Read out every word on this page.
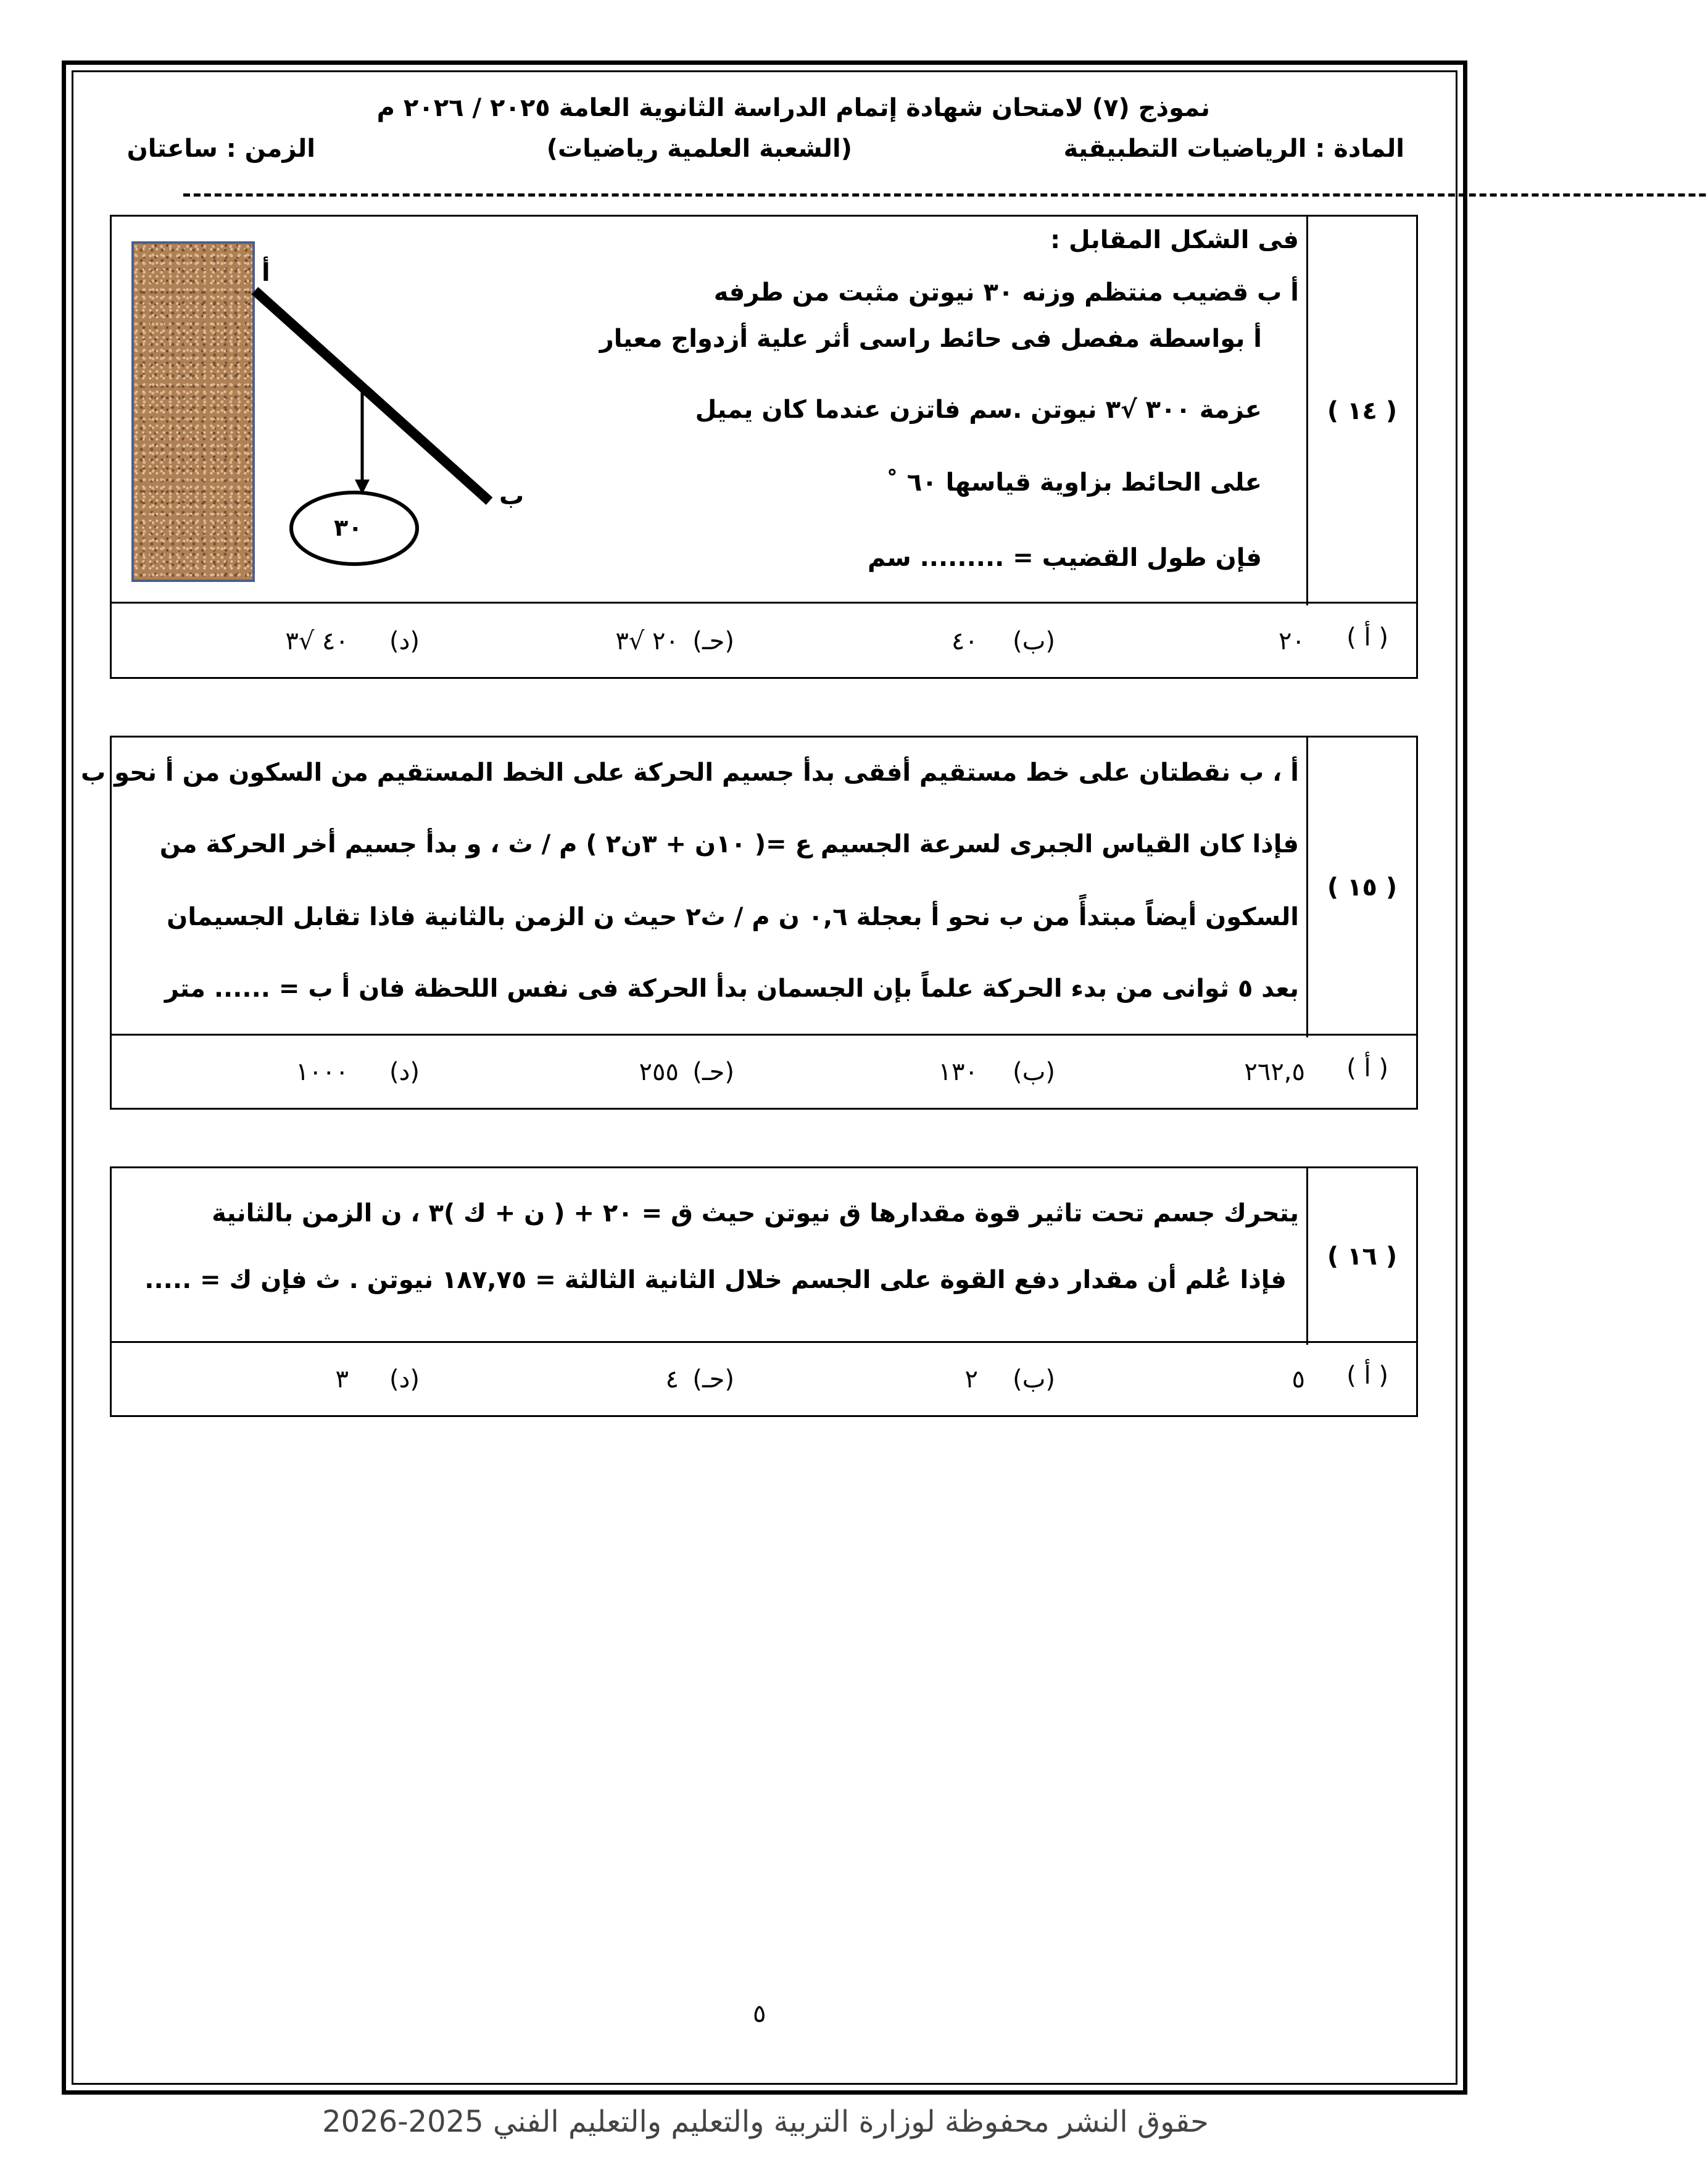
نموذج (٧) لامتحان شهادة إتمام الدراسة الثانوية العامة ٢٠٢٥ / ٢٠٢٦ م
المادة : الرياضيات التطبيقية
(الشعبة العلمية رياضيات)
الزمن : ساعتان
--------------------------------------------------------------------------------------------------------------------------------------------------
( ١٤ )
فى الشكل المقابل :
أ ب قضيب منتظم وزنه ٣٠ نيوتن مثبت من طرفه
أ بواسطة مفصل فى حائط راسى أثر علية أزدواج معيار
عزمة ٣٠٠ √٣ نيوتن .سم فاتزن عندما كان يميل
على الحائط بزاوية قياسها ٦٠ ˚
فإن طول القضيب = ......... سم
أ
ب
٣٠
( أ )
٢٠
(ب)
٤٠
(حـ)
٢٠ √٣
(د)
٤٠ √٣
( ١٥ )
أ ، ب نقطتان على خط مستقيم أفقى بدأ جسيم الحركة على الخط المستقيم من السكون من أ نحو ب
فإذا كان القياس الجبرى لسرعة الجسيم ع =( ١٠ن + ٣ن٢ ) م / ث ، و بدأ جسيم أخر الحركة من
السكون أيضاً مبتدأً من ب نحو أ بعجلة ٠,٦ ن م / ث٢ حيث ن الزمن بالثانية فاذا تقابل الجسيمان
بعد ٥ ثوانى من بدء الحركة علماً بإن الجسمان بدأ الحركة فى نفس اللحظة فان أ ب = ...... متر
( أ )
٢٦٢,٥
(ب)
١٣٠
(حـ)
٢٥٥
(د)
١٠٠٠
( ١٦ )
يتحرك جسم تحت تاثير قوة مقدارها ق نيوتن حيث ق = ٢٠ + ( ن + ك )٣ ، ن الزمن بالثانية
فإذا عُلم أن مقدار دفع القوة على الجسم خلال الثانية الثالثة = ١٨٧,٧٥ نيوتن . ث فإن ك = .....
( أ )
٥
(ب)
٢
(حـ)
٤
(د)
٣
٥
حقوق النشر محفوظة لوزارة التربية والتعليم والتعليم الفني 2025-2026
